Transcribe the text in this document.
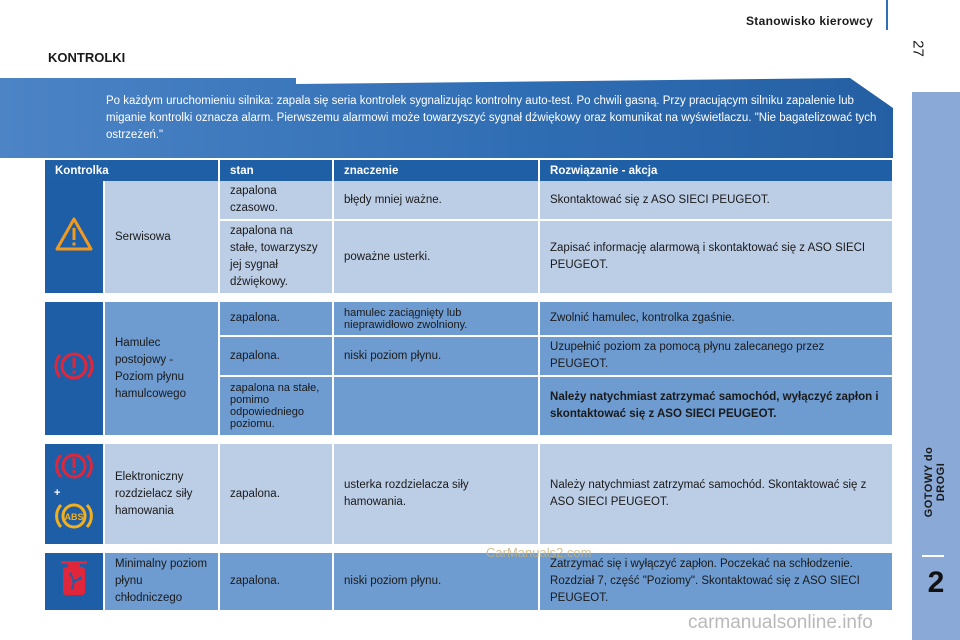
Stanowisko kierowcy
27
KONTROLKI
Po każdym uruchomieniu silnika: zapala się seria kontrolek sygnalizując kontrolny auto-test. Po chwili gasną. Przy pracującym silniku zapalenie lub miganie kontrolki oznacza alarm. Pierwszemu alarmowi może towarzyszyć sygnał dźwiękowy oraz komunikat na wyświetlaczu. "Nie bagatelizować tych ostrzeżeń."
Kontrolka		stan	znaczenie	Rozwiązanie - akcja
	Serwisowa	zapalona czasowo.	błędy mniej ważne.	Skontaktować się z ASO SIECI PEUGEOT.
		zapalona na stałe, towarzyszy jej sygnał dźwiękowy.	poważne usterki.	Zapisać informację alarmową i skontaktować się z ASO SIECI PEUGEOT.

	Hamulec postojowy - Poziom płynu hamulcowego	zapalona.	hamulec zaciągnięty lub nieprawidłowo zwolniony.	Zwolnić hamulec, kontrolka zgaśnie.
		zapalona.	niski poziom płynu.	Uzupełnić poziom za pomocą płynu zalecanego przez PEUGEOT.
		zapalona na stałe, pomimo odpowiedniego poziomu.		Należy natychmiast zatrzymać samochód, wyłączyć zapłon i skontaktować się z ASO SIECI PEUGEOT.

+
ABS	Elektroniczny rozdzielacz siły hamowania	zapalona.	usterka rozdzielacza siły hamowania.	Należy natychmiast zatrzymać samochód. Skontaktować się z ASO SIECI PEUGEOT.

	Minimalny poziom płynu chłodniczego	zapalona.	niski poziom płynu.	Zatrzymać się i wyłączyć zapłon. Poczekać na schłodzenie. Rozdział 7, część "Poziomy". Skontaktować się z ASO SIECI PEUGEOT.
GOTOWY do DROGI
2
CarManuals2.com
carmanualsonline.info
